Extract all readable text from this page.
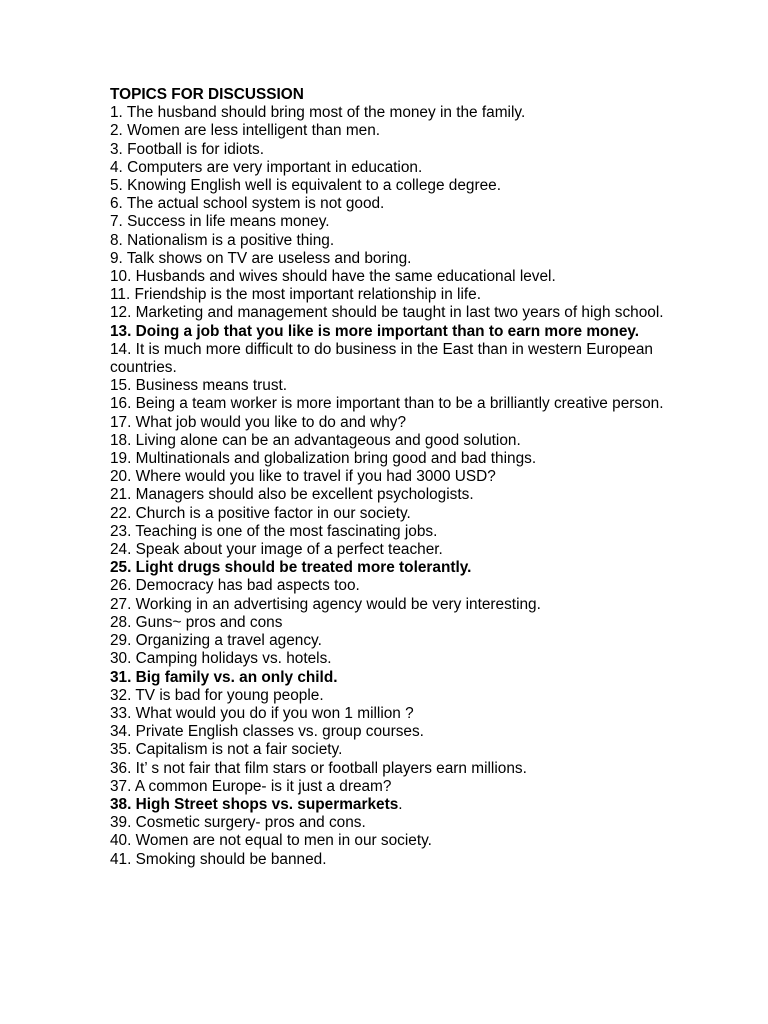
TOPICS FOR DISCUSSION
1. The husband should bring most of the money in the family.
2. Women are less intelligent than men.
3. Football is for idiots.
4. Computers are very important in education.
5. Knowing English well is equivalent to a college degree.
6. The actual school system is not good.
7. Success in life means money.
8. Nationalism is a positive thing.
9. Talk shows on TV are useless and boring.
10. Husbands and wives should have the same educational level.
11. Friendship is the most important relationship in life.
12. Marketing and management should be taught in last two years of high school.
13. Doing a job that you like is more important than to earn more money.
14. It is much more difficult to do business in the East than in western European countries.
15. Business means trust.
16. Being a team worker is more important than to be a brilliantly creative person.
17. What job would you like to do and why?
18. Living alone can be an advantageous and good solution.
19. Multinationals and globalization bring good and bad things.
20. Where would you like to travel if you had 3000 USD?
21. Managers should also be excellent psychologists.
22. Church is a positive factor in our society.
23. Teaching is one of the most fascinating jobs.
24. Speak about your image of a perfect teacher.
25. Light drugs should be treated more tolerantly.
26. Democracy has bad aspects too.
27. Working in an advertising agency would be very interesting.
28. Guns~ pros and cons
29. Organizing a travel agency.
30. Camping holidays vs. hotels.
31. Big family vs. an only child.
32. TV is bad for young people.
33. What would you do if you won 1 million ?
34. Private English classes vs. group courses.
35. Capitalism is not a fair society.
36. It’ s not fair that film stars or football players earn millions.
37. A common Europe- is it just a dream?
38. High Street shops vs. supermarkets.
39. Cosmetic surgery- pros and cons.
40. Women are not equal to men in our society.
41. Smoking should be banned.
